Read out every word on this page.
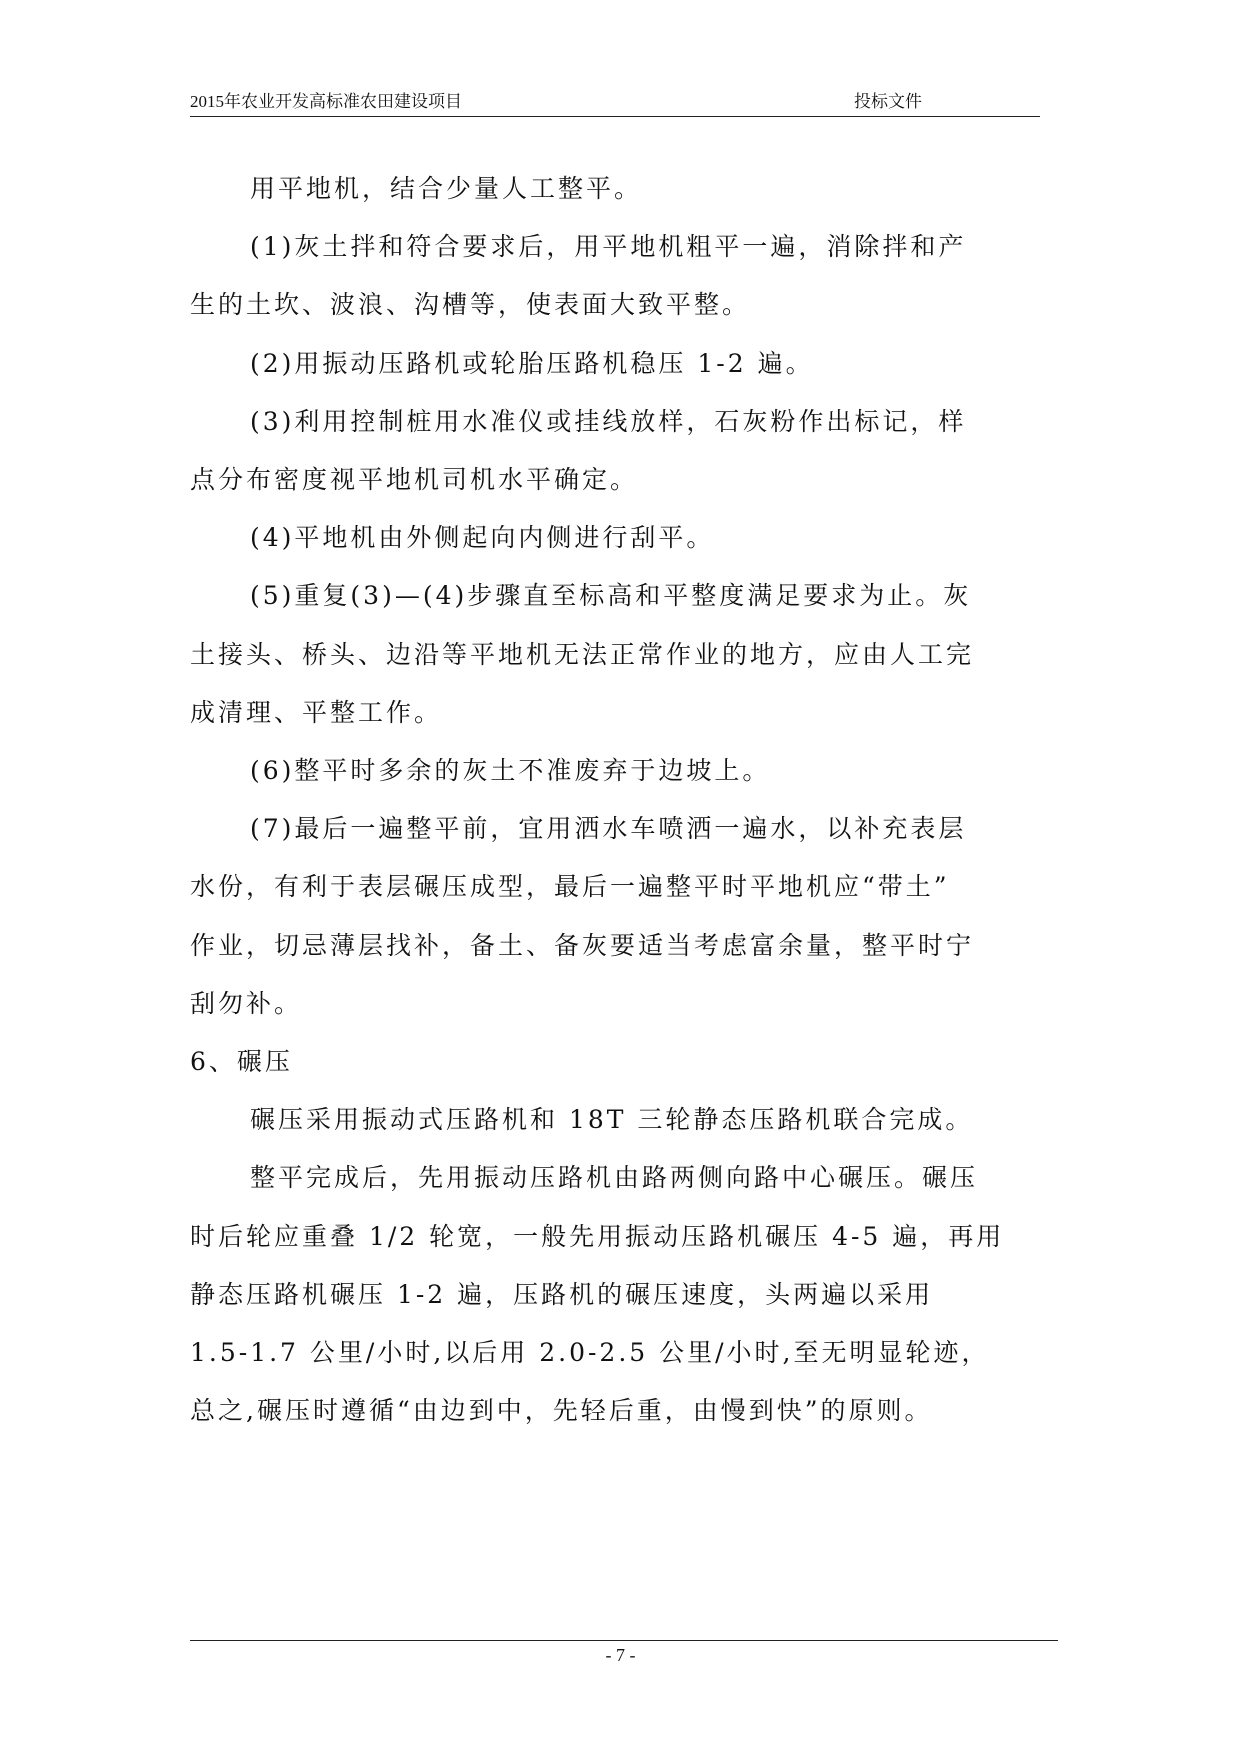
2015年农业开发高标准农田建设项目	投标文件

用平地机，结合少量人工整平。

(1)灰土拌和符合要求后，用平地机粗平一遍，消除拌和产

生的土坎、波浪、沟槽等，使表面大致平整。

(2)用振动压路机或轮胎压路机稳压 1-2 遍。

(3)利用控制桩用水准仪或挂线放样，石灰粉作出标记，样

点分布密度视平地机司机水平确定。

(4)平地机由外侧起向内侧进行刮平。

(5)重复(3)—(4)步骤直至标高和平整度满足要求为止。灰

土接头、桥头、边沿等平地机无法正常作业的地方，应由人工完

成清理、平整工作。

(6)整平时多余的灰土不准废弃于边坡上。

(7)最后一遍整平前，宜用洒水车喷洒一遍水，以补充表层

水份，有利于表层碾压成型，最后一遍整平时平地机应“带土”

作业，切忌薄层找补，备土、备灰要适当考虑富余量，整平时宁

刮勿补。

6、碾压

碾压采用振动式压路机和 18T 三轮静态压路机联合完成。

整平完成后，先用振动压路机由路两侧向路中心碾压。碾压

时后轮应重叠 1/2 轮宽，一般先用振动压路机碾压 4-5 遍，再用

静态压路机碾压 1-2 遍，压路机的碾压速度，头两遍以采用

1.5-1.7 公里/小时,以后用 2.0-2.5 公里/小时,至无明显轮迹，

总之,碾压时遵循“由边到中，先轻后重，由慢到快”的原则。

- 7 -
